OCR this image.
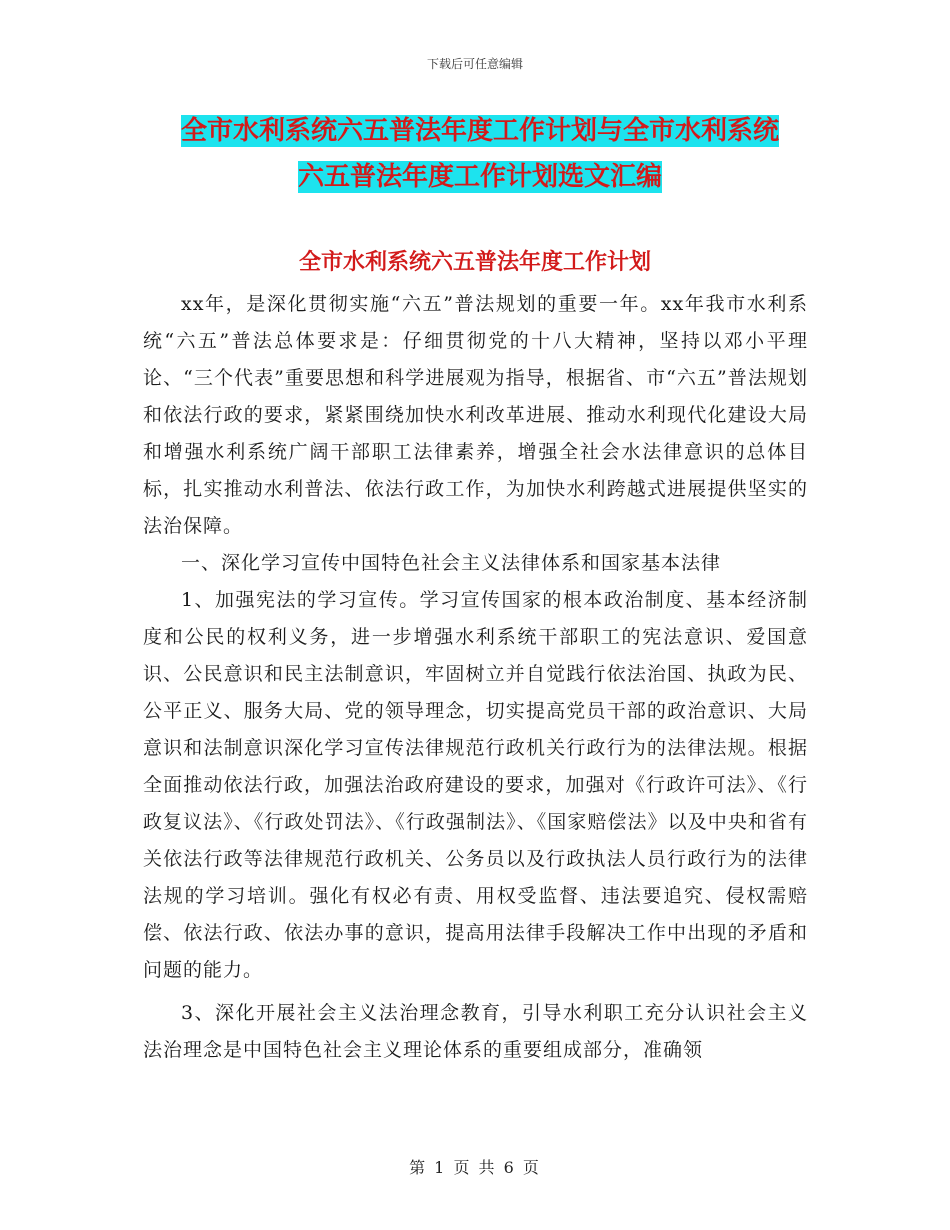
下载后可任意编辑
全市水利系统六五普法年度工作计划与全市水利系统
六五普法年度工作计划选文汇编
全市水利系统六五普法年度工作计划

xx年，是深化贯彻实施“六五”普法规划的重要一年。xx年我市水利系统“六五”普法总体要求是：仔细贯彻党的十八大精神，坚持以邓小平理论、“三个代表”重要思想和科学进展观为指导，根据省、市“六五”普法规划和依法行政的要求，紧紧围绕加快水利改革进展、推动水利现代化建设大局和增强水利系统广阔干部职工法律素养，增强全社会水法律意识的总体目标，扎实推动水利普法、依法行政工作，为加快水利跨越式进展提供坚实的法治保障。

一、深化学习宣传中国特色社会主义法律体系和国家基本法律

1、加强宪法的学习宣传。学习宣传国家的根本政治制度、基本经济制度和公民的权利义务，进一步增强水利系统干部职工的宪法意识、爱国意识、公民意识和民主法制意识，牢固树立并自觉践行依法治国、执政为民、公平正义、服务大局、党的领导理念，切实提高党员干部的政治意识、大局意识和法制意识深化学习宣传法律规范行政机关行政行为的法律法规。根据全面推动依法行政，加强法治政府建设的要求，加强对《行政许可法》、《行政复议法》、《行政处罚法》、《行政强制法》、《国家赔偿法》以及中央和省有关依法行政等法律规范行政机关、公务员以及行政执法人员行政行为的法律法规的学习培训。强化有权必有责、用权受监督、违法要追究、侵权需赔偿、依法行政、依法办事的意识，提高用法律手段解决工作中出现的矛盾和问题的能力。

3、深化开展社会主义法治理念教育，引导水利职工充分认识社会主义法治理念是中国特色社会主义理论体系的重要组成部分，准确领

第 1 页 共 6 页
